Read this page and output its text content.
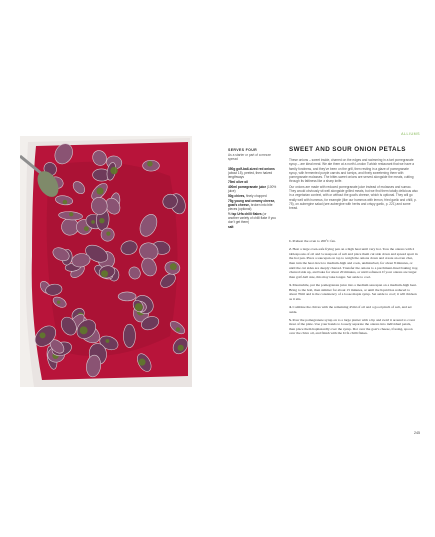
ALLIUMS
SERVES FOUR
As a starter or part of a mezze spread
350g golf-ball-sized red onions (about 15), peeled, then halved lengthways
75ml olive oil
400ml pomegranate juice (100% juice)
50g chives, finely chopped
75g young and creamy cheese, goat's cheese, broken into bite pieces (optional)
½ tsp Urfa chilli flakes (or another variety of chilli flake if you don't get them)
salt
SWEET AND SOUR ONION PETALS

These onions – sweet inside, charred on the edges and swimming in a tart pomegranate syrup – are ideal meal. We ate them at a north London Turkish restaurant that we have a family fondness, and they've been on the grill, then resting in a glaze of pomegranate syrup, with fermented purple carrots and turnips, and finely sweetening them with pomegranate molasses. The bitter-sweet onions are served alongside the meats, cutting through its fattiness like a sharp knife.

Our onions are made with reduced pomegranate juice instead of molasses and sumac. They would obviously sit well alongside grilled meats, but we find them totally delicious also in a vegetarian context, with or without the goat's cheese, which is optional. They will go really well with hummus, for example (like our hummus with lemon, fried garlic and chilli, p. 75), on aubergine salad (see aubergine with herbs and crispy garlic, p. 221) and some bread.

1. Preheat the oven to 200ºC fan.

2. Heat a large oven-safe frying pan on a high heat until very hot. Toss the onions with 2 tablespoons of oil and ¼ teaspoon of salt and place them cut side down and spread apart in the hot pan. Place a saucepan on top to weigh the onions down and create an even char, then turn the heat down to medium-high and cook, undisturbed, for about 8 minutes, or until the cut sides are deeply charred. Transfer the onions to a parchment-lined baking tray, charred side up, and bake for about 20 minutes, or until softened. If your onions are larger than golf-ball size, this may take longer. Set aside to cool.

3. Meanwhile, put the pomegranate juice into a medium saucepan on a medium-high heat. Bring to the boil, then simmer for about 15 minutes, or until the liquid has reduced to about 70ml and is the consistency of a loose maple syrup. Set aside to cool; it will thicken as it sits.

4. Combine the chives with the remaining 45ml of oil and a good pinch of salt, and set aside.

5. Pour the pomegranate syrup on to a large platter with a lip and swirl it around to cover most of the plate. Use your hands to loosely separate the onions into individual petals, then place them haphazardly over the syrup. Dot over the goat's cheese, if using, spoon over the chive oil, and finish with the Urfa chilli flakes.

245
